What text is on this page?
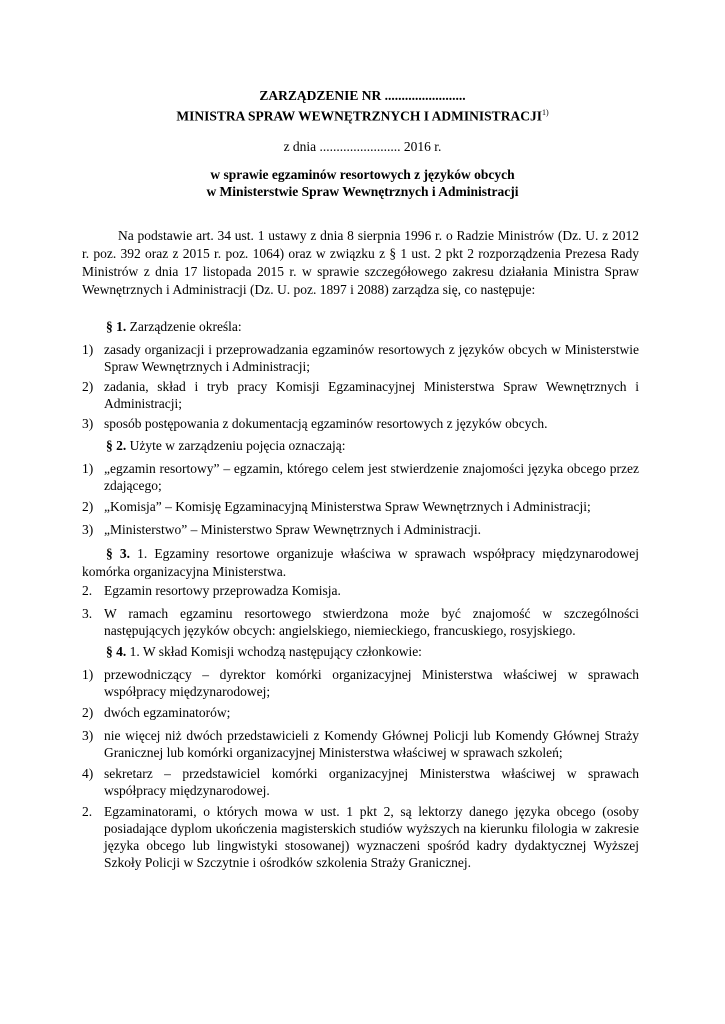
ZARZĄDZENIE NR ........................
MINISTRA SPRAW WEWNĘTRZNYCH I ADMINISTRACJI$^{1)}$
z dnia ........................ 2016 r.
w sprawie egzaminów resortowych z języków obcych
w Ministerstwie Spraw Wewnętrznych i Administracji
Na podstawie art. 34 ust. 1 ustawy z dnia 8 sierpnia 1996 r. o Radzie Ministrów (Dz. U. z 2012 r. poz. 392 oraz z 2015 r. poz. 1064) oraz w związku z § 1 ust. 2 pkt 2 rozporządzenia Prezesa Rady Ministrów z dnia 17 listopada 2015 r. w sprawie szczegółowego zakresu działania Ministra Spraw Wewnętrznych i Administracji (Dz. U. poz. 1897 i 2088) zarządza się, co następuje:
§ 1. Zarządzenie określa:
1) zasady organizacji i przeprowadzania egzaminów resortowych z języków obcych w Ministerstwie Spraw Wewnętrznych i Administracji;
2) zadania, skład i tryb pracy Komisji Egzaminacyjnej Ministerstwa Spraw Wewnętrznych i Administracji;
3) sposób postępowania z dokumentacją egzaminów resortowych z języków obcych.
§ 2. Użyte w zarządzeniu pojęcia oznaczają:
1) „egzamin resortowy” – egzamin, którego celem jest stwierdzenie znajomości języka obcego przez zdającego;
2) „Komisja” – Komisję Egzaminacyjną Ministerstwa Spraw Wewnętrznych i Administracji;
3) „Ministerstwo” – Ministerstwo Spraw Wewnętrznych i Administracji.
§ 3. 1. Egzaminy resortowe organizuje właściwa w sprawach współpracy międzynarodowej komórka organizacyjna Ministerstwa.
2. Egzamin resortowy przeprowadza Komisja.
3. W ramach egzaminu resortowego stwierdzona może być znajomość w szczególności następujących języków obcych: angielskiego, niemieckiego, francuskiego, rosyjskiego.
§ 4. 1. W skład Komisji wchodzą następujący członkowie:
1) przewodniczący – dyrektor komórki organizacyjnej Ministerstwa właściwej w sprawach współpracy międzynarodowej;
2) dwóch egzaminatorów;
3) nie więcej niż dwóch przedstawicieli z Komendy Głównej Policji lub Komendy Głównej Straży Granicznej lub komórki organizacyjnej Ministerstwa właściwej w sprawach szkoleń;
4) sekretarz – przedstawiciel komórki organizacyjnej Ministerstwa właściwej w sprawach współpracy międzynarodowej.
2. Egzaminatorami, o których mowa w ust. 1 pkt 2, są lektorzy danego języka obcego (osoby posiadające dyplom ukończenia magisterskich studiów wyższych na kierunku filologia w zakresie języka obcego lub lingwistyki stosowanej) wyznaczeni spośród kadry dydaktycznej Wyższej Szkoły Policji w Szczytnie i ośrodków szkolenia Straży Granicznej.
